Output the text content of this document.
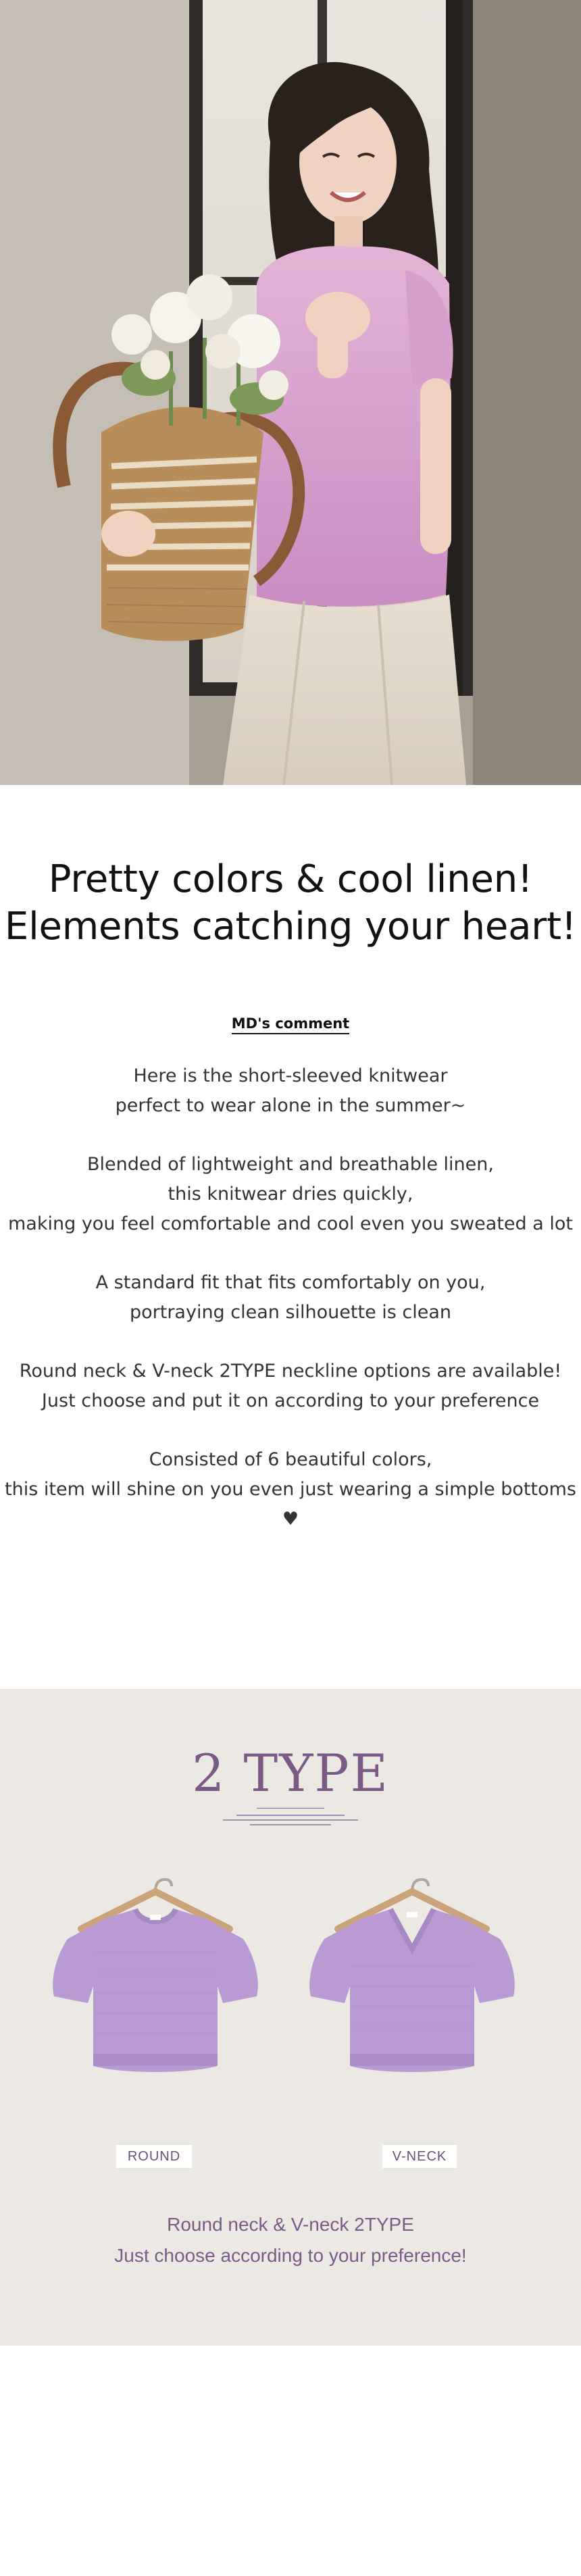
Pretty colors & cool linen!
Elements catching your heart!
MD's comment
Here is the short-sleeved knitwear
perfect to wear alone in the summer~
Blended of lightweight and breathable linen,
this knitwear dries quickly,
making you feel comfortable and cool even you sweated a lot
A standard fit that fits comfortably on you,
portraying clean silhouette is clean
Round neck & V-neck 2TYPE neckline options are available!
Just choose and put it on according to your preference
Consisted of 6 beautiful colors,
this item will shine on you even just wearing a simple bottoms ♥
2 TYPE
ROUND	V-NECK
Round neck & V-neck 2TYPE
Just choose according to your preference!
